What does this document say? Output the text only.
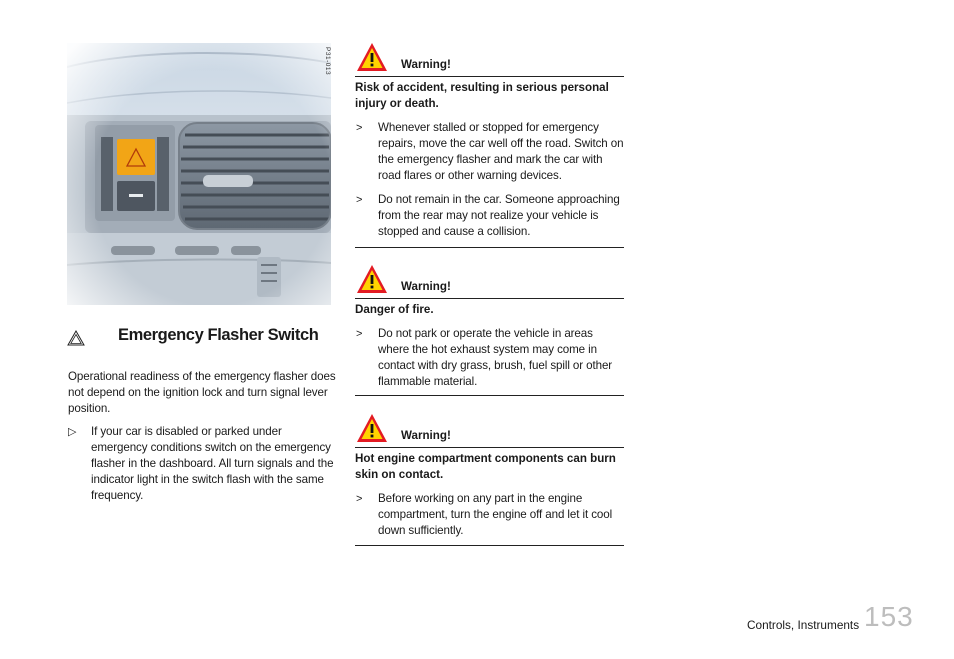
P31-013
Emergency Flasher Switch

Operational readiness of the emergency flasher does not depend on the ignition lock and turn signal lever position.

▷ If your car is disabled or parked under emergency conditions switch on the emergency flasher in the dashboard. All turn signals and the indicator light in the switch flash with the same frequency.

Warning!
Risk of accident, resulting in serious personal injury or death.
> Whenever stalled or stopped for emergency repairs, move the car well off the road. Switch on the emergency flasher and mark the car with road flares or other warning devices.
> Do not remain in the car. Someone approaching from the rear may not realize your vehicle is stopped and cause a collision.
Warning!
Danger of fire.
> Do not park or operate the vehicle in areas where the hot exhaust system may come in contact with dry grass, brush, fuel spill or other flammable material.
Warning!
Hot engine compartment components can burn skin on contact.
> Before working on any part in the engine compartment, turn the engine off and let it cool down sufficiently.
Controls, Instruments 153
